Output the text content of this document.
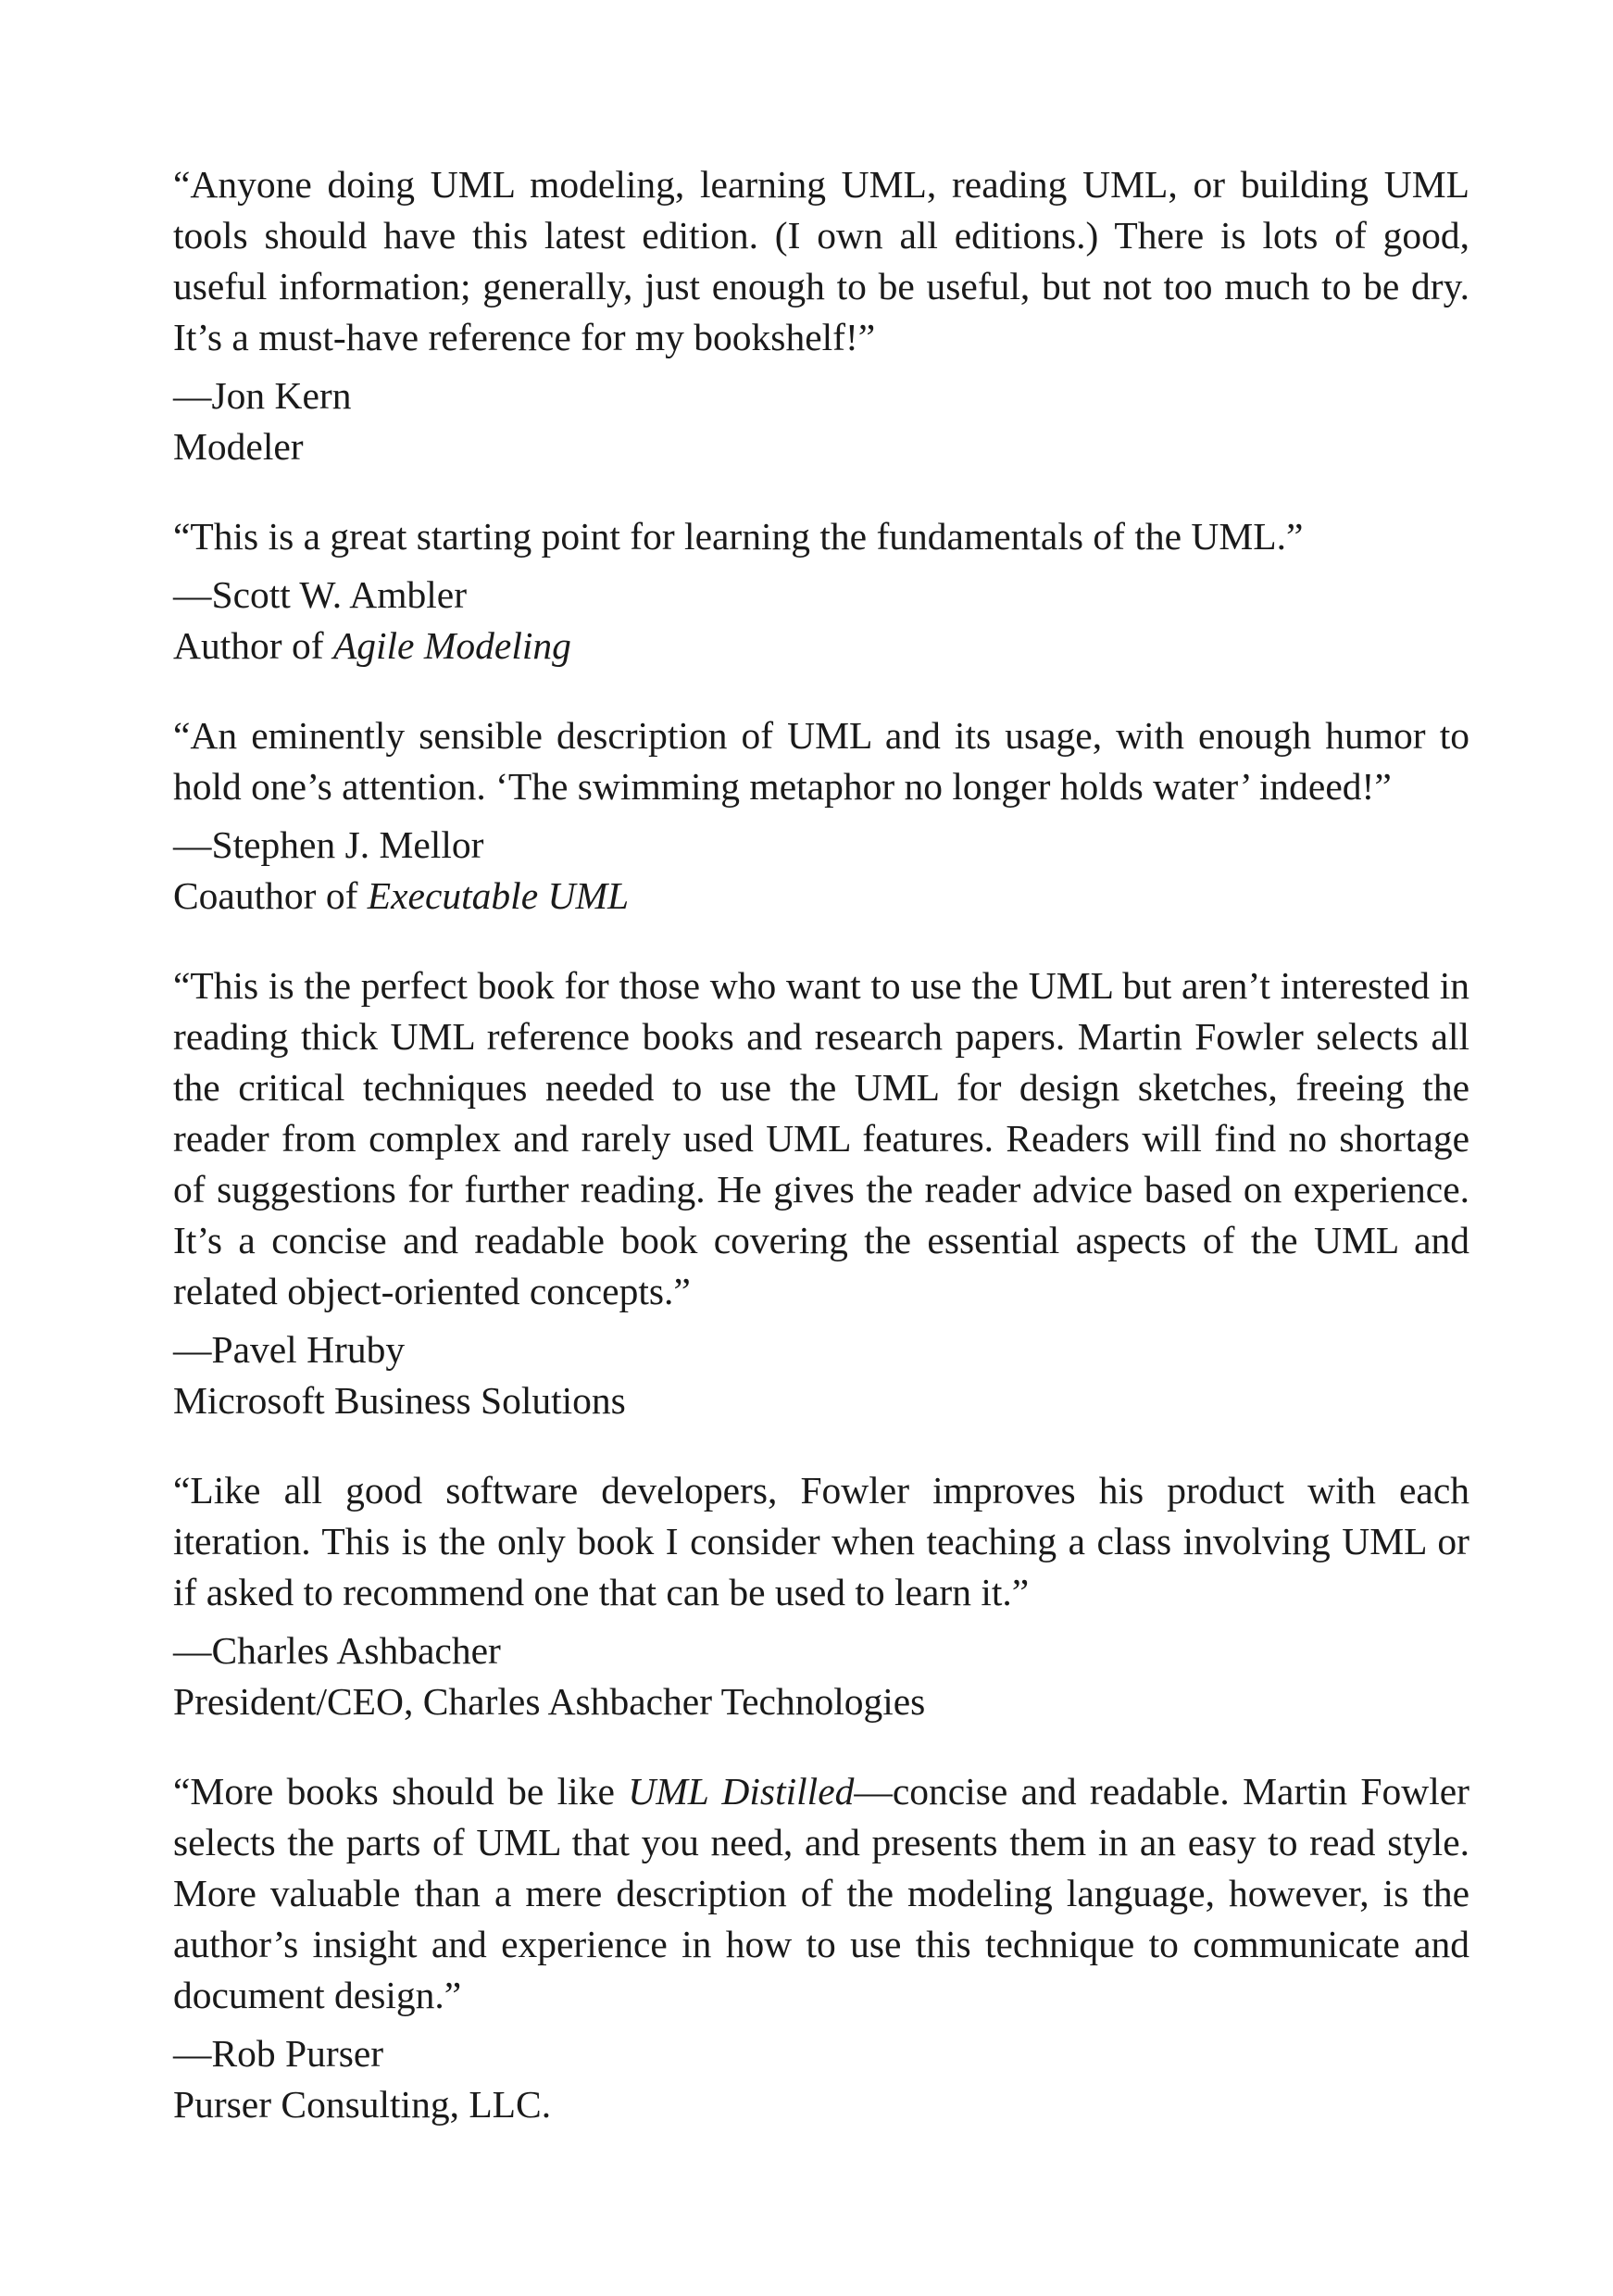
“Anyone doing UML modeling, learning UML, reading UML, or building UML tools should have this latest edition. (I own all editions.) There is lots of good, useful information; generally, just enough to be useful, but not too much to be dry. It’s a must-have reference for my bookshelf!”

—Jon Kern
Modeler

“This is a great starting point for learning the fundamentals of the UML.”

—Scott W. Ambler
Author of Agile Modeling

“An eminently sensible description of UML and its usage, with enough humor to hold one’s attention. ‘The swimming metaphor no longer holds water’ indeed!”

—Stephen J. Mellor
Coauthor of Executable UML

“This is the perfect book for those who want to use the UML but aren’t interested in reading thick UML reference books and research papers. Martin Fowler selects all the critical techniques needed to use the UML for design sketches, freeing the reader from complex and rarely used UML features. Readers will find no shortage of suggestions for further reading. He gives the reader advice based on experience. It’s a concise and readable book covering the essential aspects of the UML and related object-oriented concepts.”

—Pavel Hruby
Microsoft Business Solutions

“Like all good software developers, Fowler improves his product with each iteration. This is the only book I consider when teaching a class involving UML or if asked to recommend one that can be used to learn it.”

—Charles Ashbacher
President/CEO, Charles Ashbacher Technologies

“More books should be like UML Distilled—concise and readable. Martin Fowler selects the parts of UML that you need, and presents them in an easy to read style. More valuable than a mere description of the modeling language, however, is the author’s insight and experience in how to use this technique to communicate and document design.”

—Rob Purser
Purser Consulting, LLC.
